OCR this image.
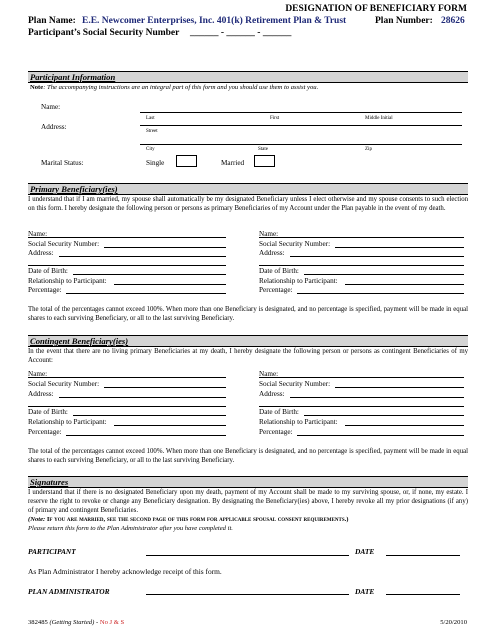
DESIGNATION OF BENEFICIARY FORM
Plan Name: E.E. Newcomer Enterprises, Inc. 401(k) Retirement Plan & Trust	Plan Number: 28626
Participant’s Social Security Number ______ - ______ - ______
Participant Information
Note: The accompanying instructions are an integral part of this form and you should use them to assist you.
Name:
Last	First	Middle Initial
Address:
Street
City	State	Zip
Marital Status:	Single	Married
Primary Beneficiary(ies)
I understand that if I am married, my spouse shall automatically be my designated Beneficiary unless I elect otherwise and my spouse consents to such election on this form. I hereby designate the following person or persons as primary Beneficiaries of my Account under the Plan payable in the event of my death.
Name:
Social Security Number:
Address:
Date of Birth:
Relationship to Participant:
Percentage:
Name:
Social Security Number:
Address:
Date of Birth:
Relationship to Participant:
Percentage:
The total of the percentages cannot exceed 100%. When more than one Beneficiary is designated, and no percentage is specified, payment will be made in equal shares to each surviving Beneficiary, or all to the last surviving Beneficiary.
Contingent Beneficiary(ies)
In the event that there are no living primary Beneficiaries at my death, I hereby designate the following person or persons as contingent Beneficiaries of my Account:
Name:
Social Security Number:
Address:
Date of Birth:
Relationship to Participant:
Percentage:
Name:
Social Security Number:
Address:
Date of Birth:
Relationship to Participant:
Percentage:
The total of the percentages cannot exceed 100%. When more than one Beneficiary is designated, and no percentage is specified, payment will be made in equal shares to each surviving Beneficiary, or all to the last surviving Beneficiary.
Signatures
I understand that if there is no designated Beneficiary upon my death, payment of my Account shall be made to my surviving spouse, or, if none, my estate. I reserve the right to revoke or change any Beneficiary designation. By designating the Beneficiary(ies) above, I hereby revoke all my prior designations (if any) of primary and contingent Beneficiaries.
(Note: If you are married, see the second page of this form for applicable spousal consent requirements.)
Please return this form to the Plan Administrator after you have completed it.
PARTICIPANT	DATE
As Plan Administrator I hereby acknowledge receipt of this form.
PLAN ADMINISTRATOR	DATE
382485 (Getting Started) - No J & S	5/20/2010
